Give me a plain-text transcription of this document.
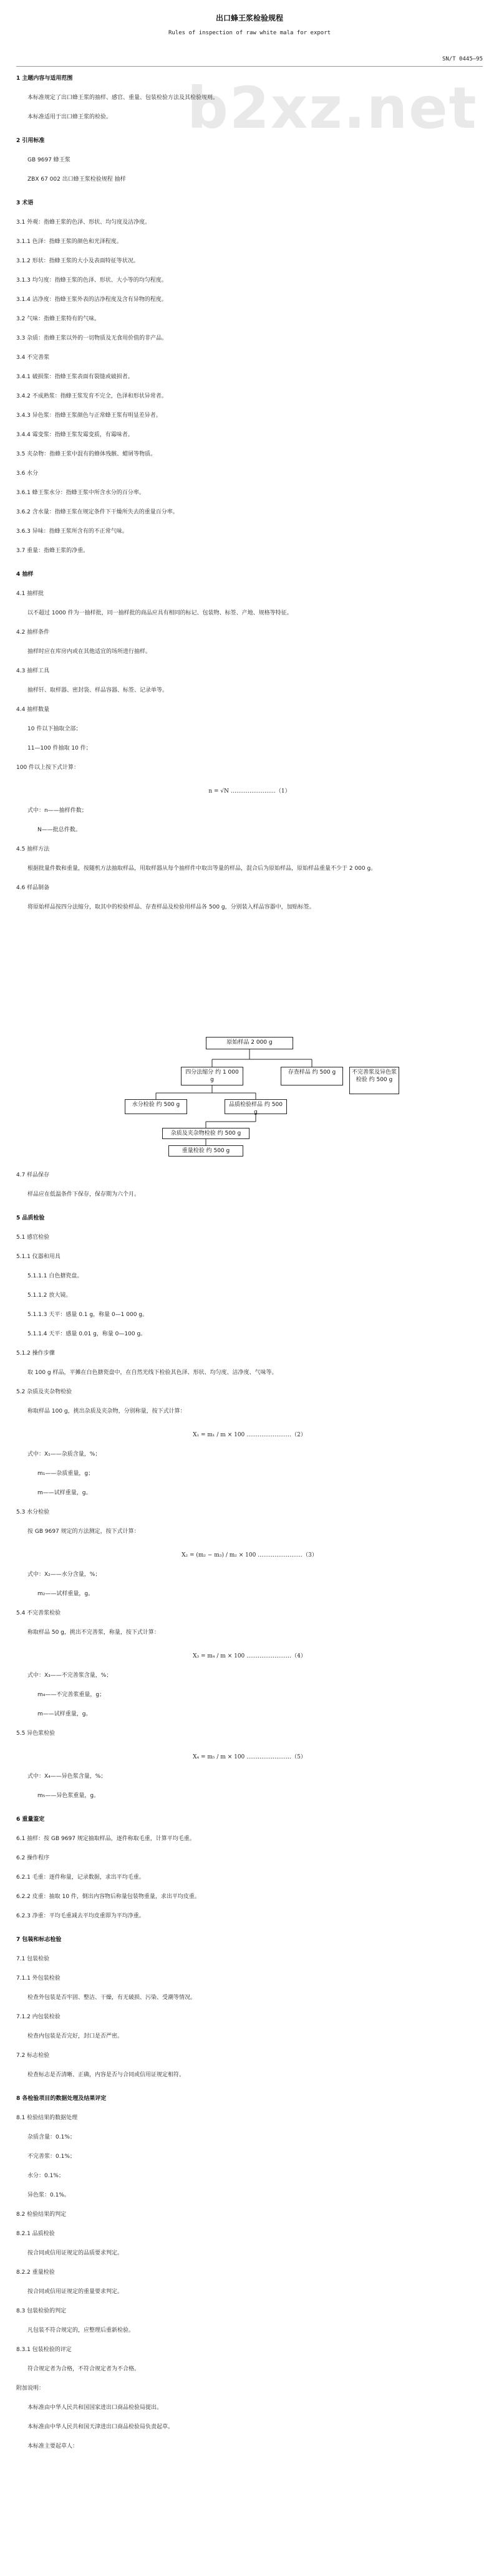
b2xz.net
出口蜂王浆检验规程
Rules of inspection of raw white mala for export
SN/T 0445—95
1 主题内容与适用范围
本标准规定了出口蜂王浆的抽样、感官、重量、包装检验方法及其检验规则。
本标准适用于出口蜂王浆的检验。
2 引用标准
GB 9697 蜂王浆
ZBX 67 002 出口蜂王浆检验规程 抽样
3 术语
3.1 外观：指蜂王浆的色泽、形状、均匀度及洁净度。
3.1.1 色泽：指蜂王浆的颜色和光泽程度。
3.1.2 形状：指蜂王浆的大小及表面特征等状况。
3.1.3 均匀度：指蜂王浆的色泽、形状、大小等的均匀程度。
3.1.4 洁净度：指蜂王浆外表的洁净程度及含有异物的程度。
3.2 气味：指蜂王浆特有的气味。
3.3 杂质：指蜂王浆以外的一切物质及无食用价值的非产品。
3.4 不完善浆
3.4.1 破损浆：指蜂王浆表面有裂缝或破损者。
3.4.2 不成熟浆：指蜂王浆发育不完全，色泽和形状异常者。
3.4.3 异色浆：指蜂王浆颜色与正常蜂王浆有明显差异者。
3.4.4 霉变浆：指蜂王浆发霉变质，有霉味者。
3.5 夹杂物：指蜂王浆中混有的蜂体残骸、蜡屑等物质。
3.6 水分
3.6.1 蜂王浆水分：指蜂王浆中所含水分的百分率。
3.6.2 含水量：指蜂王浆在规定条件下干燥所失去的重量百分率。
3.6.3 异味：指蜂王浆所含有的不正常气味。
3.7 重量：指蜂王浆的净重。
4 抽样
4.1 抽样批
以不超过 1000 件为一抽样批，同一抽样批的商品应具有相同的标记、包装物、标签、产地、规格等特征。
4.2 抽样条件
抽样时应在库房内或在其他适宜的场所进行抽样。
4.3 抽样工具
抽样钎、取样器、密封袋、样品容器、标签、记录单等。
4.4 抽样数量
10 件以下抽取全部；
11—100 件抽取 10 件；
100 件以上按下式计算：
n = √N ……………………（1）
式中：n——抽样件数；
N——批总件数。
4.5 抽样方法
根据批量件数和重量，按随机方法抽取样品，用取样器从每个抽样件中取出等量的样品，混合后为原始样品，原始样品重量不少于 2 000 g。
4.6 样品制备
将原始样品按四分法缩分，取其中的检验样品、存查样品及检验用样品各 500 g，分别装入样品容器中，加贴标签。
4.7 样品保存
样品应在低温条件下保存，保存期为六个月。
5 品质检验
5.1 感官检验
5.1.1 仪器和用具
5.1.1.1 白色搪瓷盘。
5.1.1.2 放大镜。
5.1.1.3 天平：感量 0.1 g，称量 0—1 000 g。
5.1.1.4 天平：感量 0.01 g，称量 0—100 g。
5.1.2 操作步骤
取 100 g 样品，平摊在白色搪瓷盘中，在自然光线下检验其色泽、形状、均匀度、洁净度、气味等。
5.2 杂质及夹杂物检验
称取样品 100 g，挑出杂质及夹杂物，分别称量，按下式计算：
X₁ = m₁ / m × 100 ……………………（2）
式中：X₁——杂质含量，%；
m₁——杂质重量，g；
m——试样重量，g。
5.3 水分检验
按 GB 9697 规定的方法测定，按下式计算：
X₂ = (m₂ − m₃) / m₂ × 100 ……………………（3）
式中：X₂——水分含量，%；
m₂——试样重量，g。
5.4 不完善浆检验
称取样品 50 g，挑出不完善浆，称量，按下式计算：
X₃ = m₄ / m × 100 ……………………（4）
式中：X₃——不完善浆含量，%；
m₄——不完善浆重量，g；
m——试样重量，g。
5.5 异色浆检验
X₄ = m₅ / m × 100 ……………………（5）
式中：X₄——异色浆含量，%；
m₅——异色浆重量，g。
6 重量鉴定
6.1 抽样：按 GB 9697 规定抽取样品，逐件称取毛重，计算平均毛重。
6.2 操作程序
6.2.1 毛重：逐件称量，记录数据，求出平均毛重。
6.2.2 皮重：抽取 10 件，倒出内容物后称量包装物重量，求出平均皮重。
6.2.3 净重：平均毛重减去平均皮重即为平均净重。
7 包装和标志检验
7.1 包装检验
7.1.1 外包装检验
检查外包装是否牢固、整洁、干燥，有无破损、污染、受潮等情况。
7.1.2 内包装检验
检查内包装是否完好，封口是否严密。
7.2 标志检验
检查标志是否清晰、正确，内容是否与合同或信用证规定相符。
8 各检验项目的数据处理及结果评定
8.1 检验结果的数据处理
杂质含量：0.1%；
不完善浆：0.1%；
水分：0.1%；
异色浆：0.1%。
8.2 检验结果的判定
8.2.1 品质检验
按合同或信用证规定的品质要求判定。
8.2.2 重量检验
按合同或信用证规定的重量要求判定。
8.3 包装检验的判定
凡包装不符合规定的，应整理后重新检验。
8.3.1 包装检验的评定
符合规定者为合格，不符合规定者为不合格。
附加说明：
本标准由中华人民共和国国家进出口商品检验局提出。
本标准由中华人民共和国天津进出口商品检验局负责起草。
本标准主要起草人：
原始样品 2 000 g
四分法缩分 约 1 000 g
存查样品 约 500 g	不完善浆及异色浆检验 约 500 g
水分检验 约 500 g	品质检验样品 约 500 g
杂质及夹杂物检验 约 500 g
重量检验 约 500 g
